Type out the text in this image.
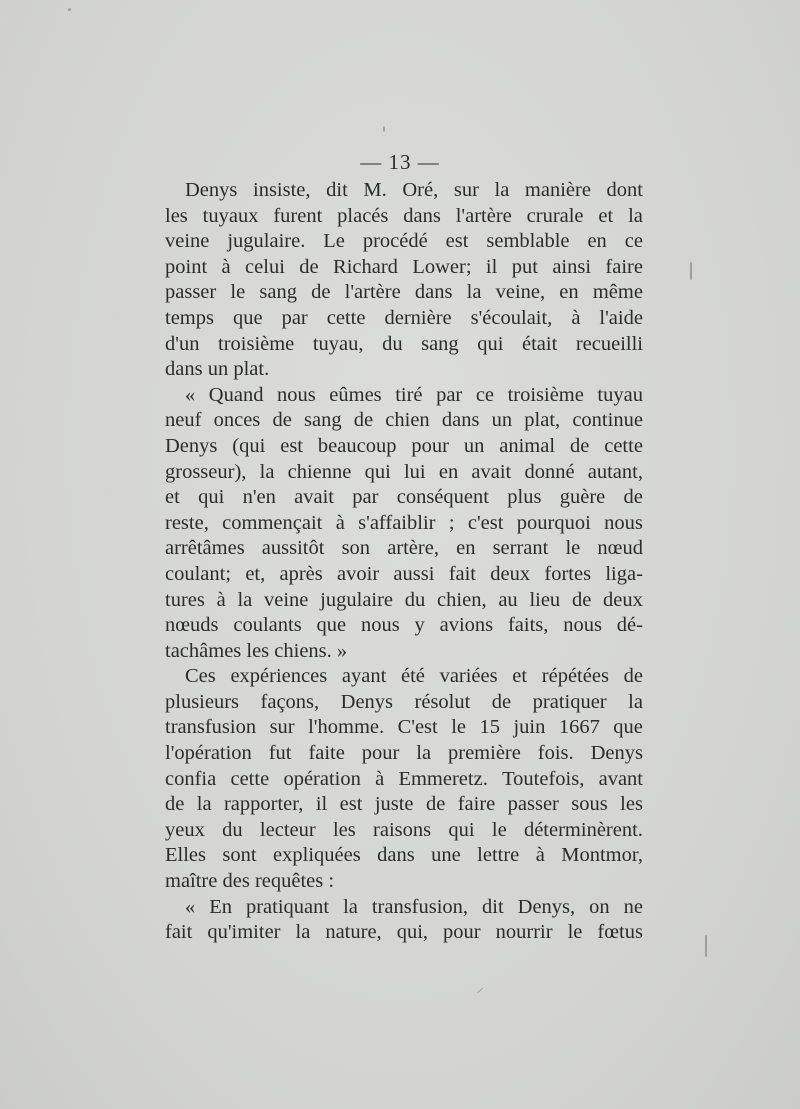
— 13 —
Denys insiste, dit M. Oré, sur la manière dont
les tuyaux furent placés dans l'artère crurale et la
veine jugulaire. Le procédé est semblable en ce
point à celui de Richard Lower; il put ainsi faire
passer le sang de l'artère dans la veine, en même
temps que par cette dernière s'écoulait, à l'aide
d'un troisième tuyau, du sang qui était recueilli
dans un plat.
« Quand nous eûmes tiré par ce troisième tuyau
neuf onces de sang de chien dans un plat, continue
Denys (qui est beaucoup pour un animal de cette
grosseur), la chienne qui lui en avait donné autant,
et qui n'en avait par conséquent plus guère de
reste, commençait à s'affaiblir ; c'est pourquoi nous
arrêtâmes aussitôt son artère, en serrant le nœud
coulant; et, après avoir aussi fait deux fortes liga-
tures à la veine jugulaire du chien, au lieu de deux
nœuds coulants que nous y avions faits, nous dé-
tachâmes les chiens. »
Ces expériences ayant été variées et répétées de
plusieurs façons, Denys résolut de pratiquer la
transfusion sur l'homme. C'est le 15 juin 1667 que
l'opération fut faite pour la première fois. Denys
confia cette opération à Emmeretz. Toutefois, avant
de la rapporter, il est juste de faire passer sous les
yeux du lecteur les raisons qui le déterminèrent.
Elles sont expliquées dans une lettre à Montmor,
maître des requêtes :
« En pratiquant la transfusion, dit Denys, on ne
fait qu'imiter la nature, qui, pour nourrir le fœtus
